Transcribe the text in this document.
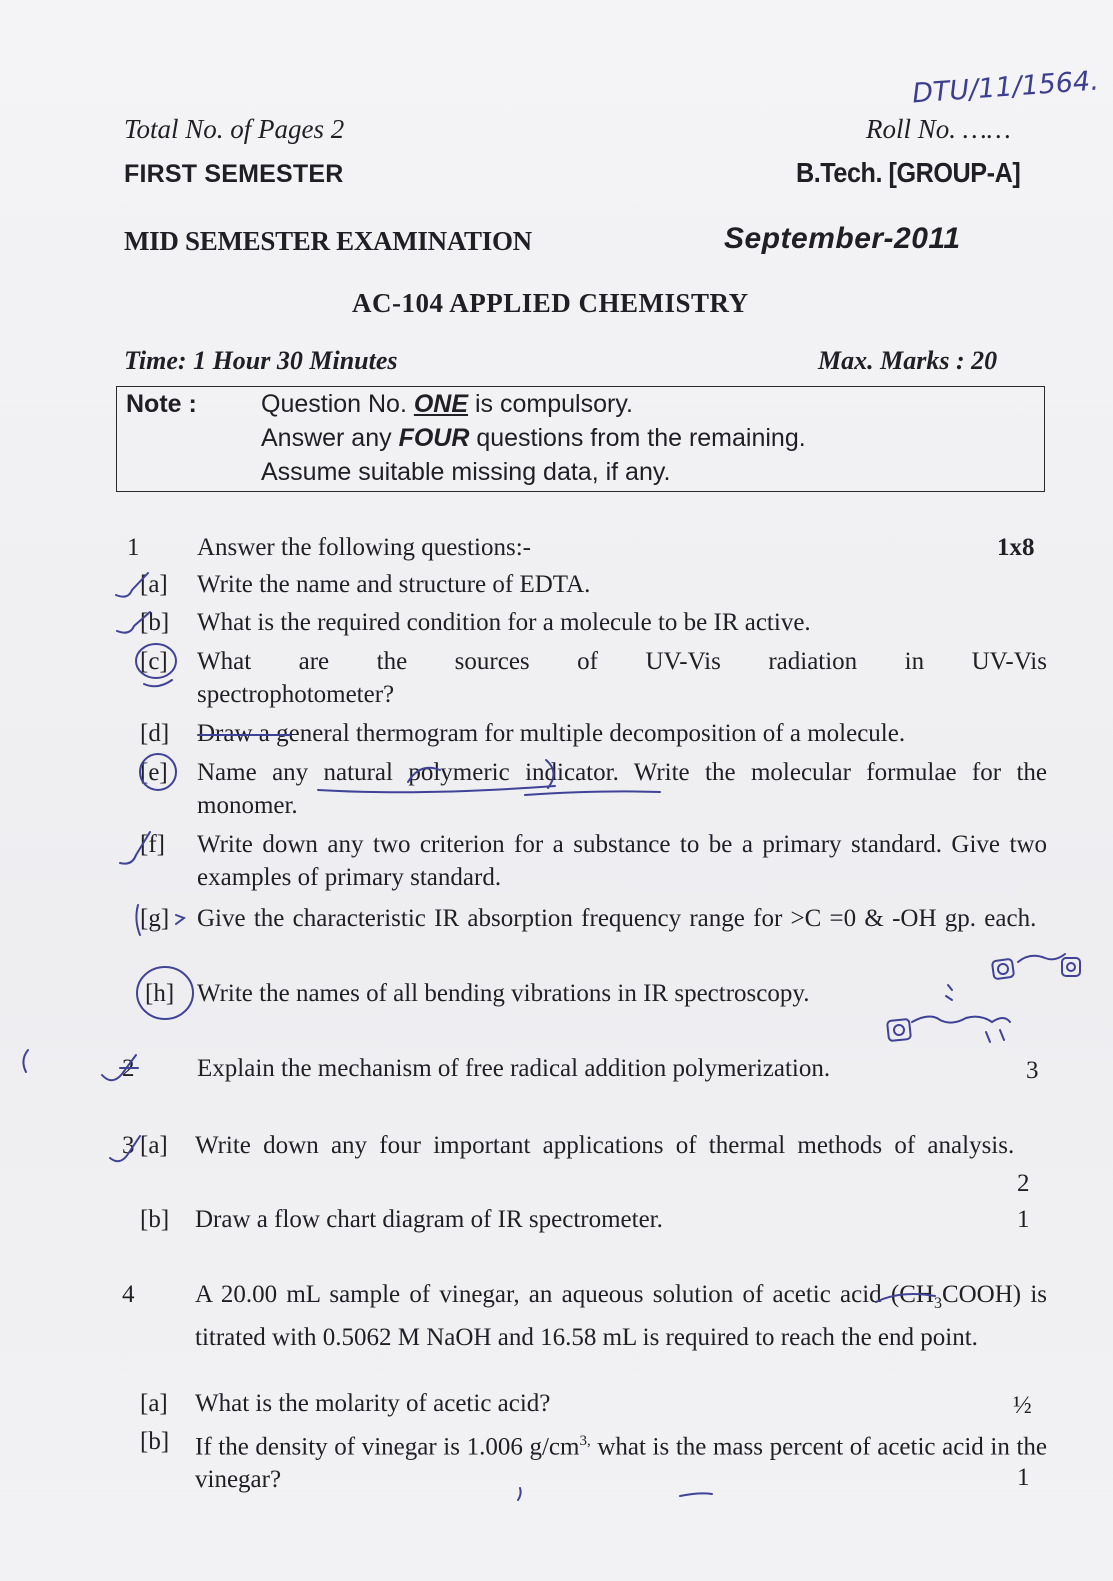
DTU/11/1564.
Total No. of Pages 2	Roll No. ……
FIRST SEMESTER	B.Tech. [GROUP-A]
MID SEMESTER EXAMINATION	September-2011
AC-104 APPLIED CHEMISTRY
Time: 1 Hour 30 Minutes	Max. Marks : 20
Note :	Question No. ONE is compulsory.
Answer any FOUR questions from the remaining.
Assume suitable missing data, if any.
1 Answer the following questions:-	1x8
[a] Write the name and structure of EDTA.
[b] What is the required condition for a molecule to be IR active.
[c] What are the sources of UV-Vis radiation in UV-Vis spectrophotometer?
[d] Draw a general thermogram for multiple decomposition of a molecule.
[e] Name any natural polymeric indicator. Write the molecular formulae for the monomer.
[f] Write down any two criterion for a substance to be a primary standard. Give two examples of primary standard.
[g] Give the characteristic IR absorption frequency range for >C =0 & -OH gp. each.
[h] Write the names of all bending vibrations in IR spectroscopy.
2	Explain the mechanism of free radical addition polymerization.	3
3 [a] Write down any four important applications of thermal methods of analysis.
2
[b] Draw a flow chart diagram of IR spectrometer.	1
4 A 20.00 mL sample of vinegar, an aqueous solution of acetic acid $(CH_3COOH)$ is titrated with 0.5062 M NaOH and 16.58 mL is required to reach the end point.
[a] What is the molarity of acetic acid?	½
[b] If the density of vinegar is 1.006 $g/cm^{3,}$ what is the mass percent of acetic acid in the vinegar?	1
